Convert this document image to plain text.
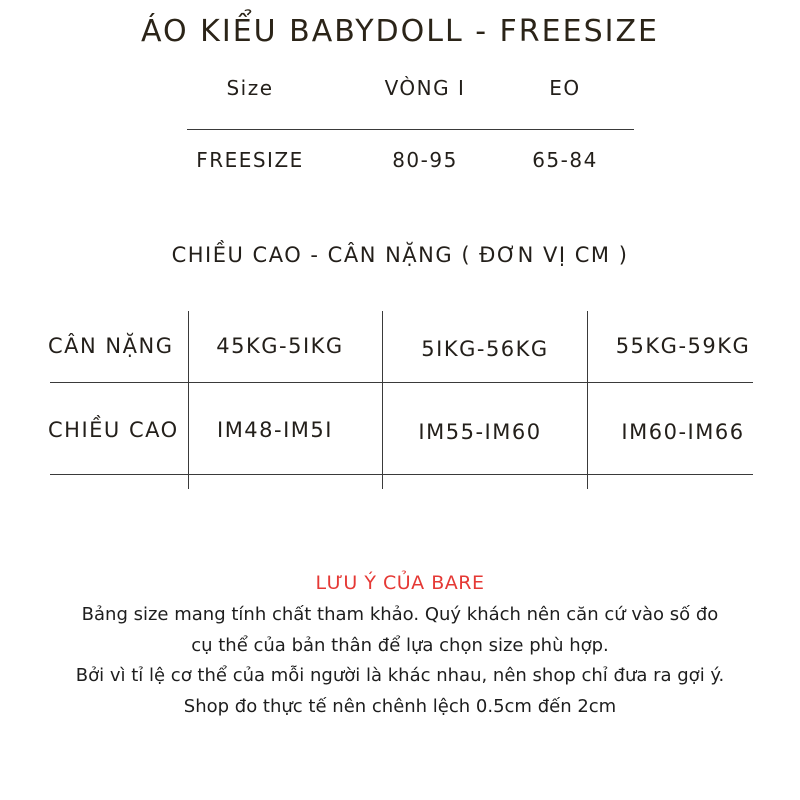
ÁO KIỂU BABYDOLL - FREESIZE
Size	VÒNG I	EO
FREESIZE	80-95	65-84
CHIỀU CAO - CÂN NẶNG ( ĐƠN VỊ CM )
CÂN NẶNG	45KG-5IKG	5IKG-56KG	55KG-59KG
CHIỀU CAO	IM48-IM5I	IM55-IM60	IM60-IM66
LƯU Ý CỦA BARE
Bảng size mang tính chất tham khảo. Quý khách nên căn cứ vào số đo
cụ thể của bản thân để lựa chọn size phù hợp.
Bởi vì tỉ lệ cơ thể của mỗi người là khác nhau, nên shop chỉ đưa ra gợi ý.
Shop đo thực tế nên chênh lệch 0.5cm đến 2cm
